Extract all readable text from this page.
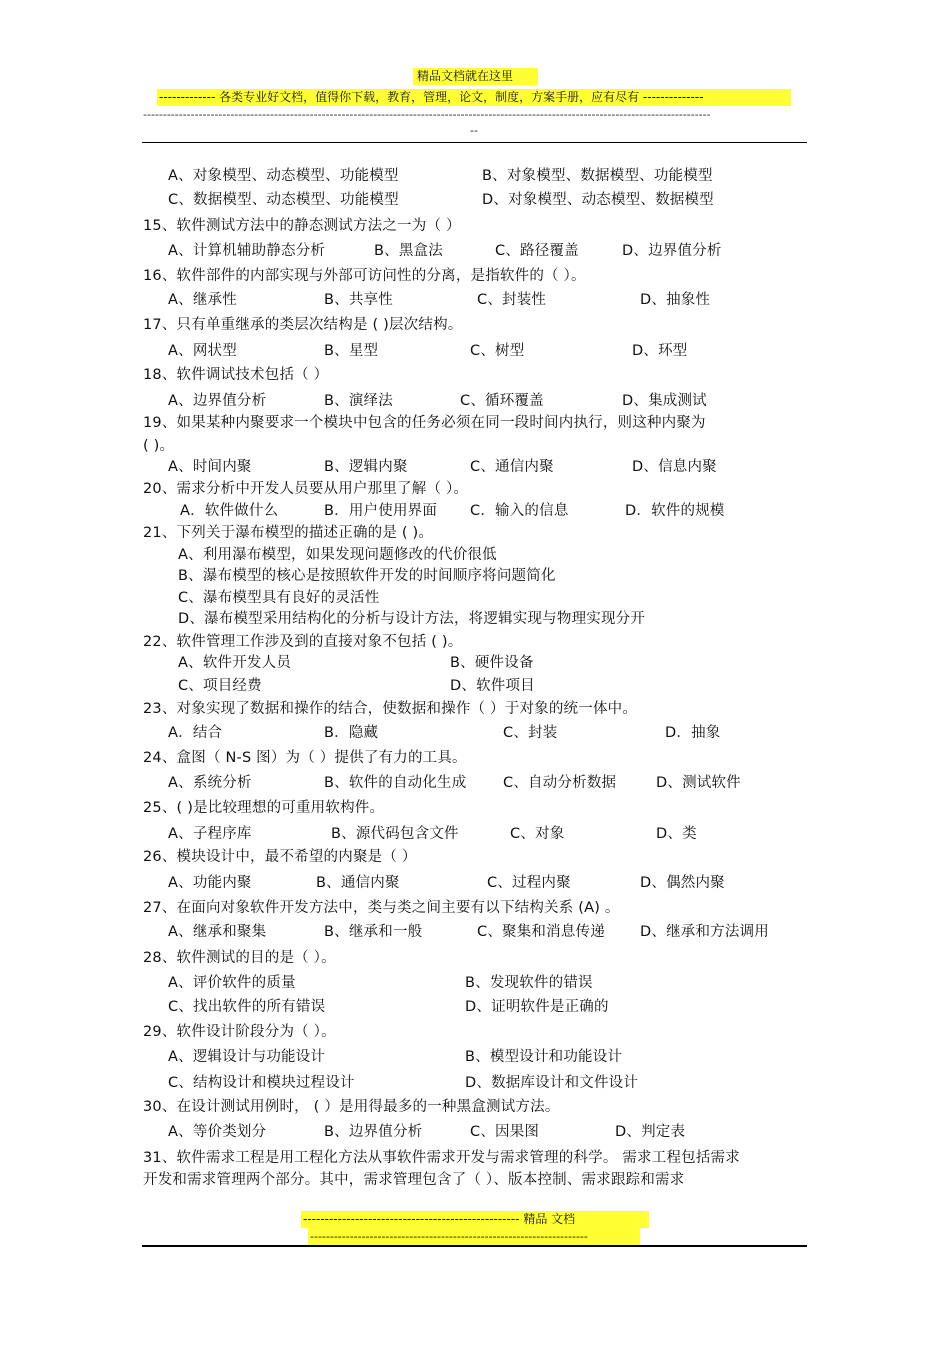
精品文档就在这里
------------- 各类专业好文档，值得你下载，教育，管理，论文，制度，方案手册，应有尽有 --------------
-----------------------------------------------------------------------------------------------------------------------------------------------
--
A、对象模型、动态模型、功能模型	B、对象模型、数据模型、功能模型
C、数据模型、动态模型、功能模型	D、对象模型、动态模型、数据模型
15、软件测试方法中的静态测试方法之一为（ ）
A、计算机辅助静态分析	B、黑盒法	C、路径覆盖	D、边界值分析
16、软件部件的内部实现与外部可访问性的分离，是指软件的（ ）。
A、继承性	B、共享性	C、封装性	D、抽象性
17、只有单重继承的类层次结构是 ( )层次结构。
A、网状型	B、星型	C、树型	D、环型
18、软件调试技术包括（ ）
A、边界值分析	B、演绎法	C、循环覆盖	D、集成测试
19、如果某种内聚要求一个模块中包含的任务必须在同一段时间内执行，则这种内聚为
( )。
A、时间内聚	B、逻辑内聚	C、通信内聚	D、信息内聚
20、需求分析中开发人员要从用户那里了解（ ）。
A．软件做什么	B．用户使用界面 C．输入的信息	D．软件的规模
21、下列关于瀑布模型的描述正确的是 ( )。
A、利用瀑布模型，如果发现问题修改的代价很低
B、瀑布模型的核心是按照软件开发的时间顺序将问题简化
C、瀑布模型具有良好的灵活性
D、瀑布模型采用结构化的分析与设计方法，将逻辑实现与物理实现分开
22、软件管理工作涉及到的直接对象不包括 ( )。
A、软件开发人员	B、硬件设备
C、项目经费	D、软件项目
23、对象实现了数据和操作的结合，使数据和操作（ ）于对象的统一体中。
A．结合	B．隐藏	C、封装	D．抽象
24、盒图（ N-S 图）为（ ）提供了有力的工具。
A、系统分析	B、软件的自动化生成	C、自动分析数据	D、测试软件
25、( )是比较理想的可重用软构件。
A、子程序库	B、源代码包含文件	C、对象	D、类
26、模块设计中，最不希望的内聚是（ ）
A、功能内聚	B、通信内聚	C、过程内聚	D、偶然内聚
27、在面向对象软件开发方法中，类与类之间主要有以下结构关系 (A) 。
A、继承和聚集	B、继承和一般	C、聚集和消息传递 D、继承和方法调用
28、软件测试的目的是（ ）。
A、评价软件的质量	B、发现软件的错误
C、找出软件的所有错误	D、证明软件是正确的
29、软件设计阶段分为（ ）。
A、逻辑设计与功能设计	B、模型设计和功能设计
C、结构设计和模块过程设计	D、数据库设计和文件设计
30、在设计测试用例时， ( ）是用得最多的一种黑盒测试方法。
A、等价类划分	B、边界值分析	C、因果图	D、判定表
31、软件需求工程是用工程化方法从事软件需求开发与需求管理的科学。 需求工程包括需求
开发和需求管理两个部分。其中，需求管理包含了（ ）、版本控制、需求跟踪和需求
-------------------------------------------------- 精品 文档
----------------------------------------------------------------------
